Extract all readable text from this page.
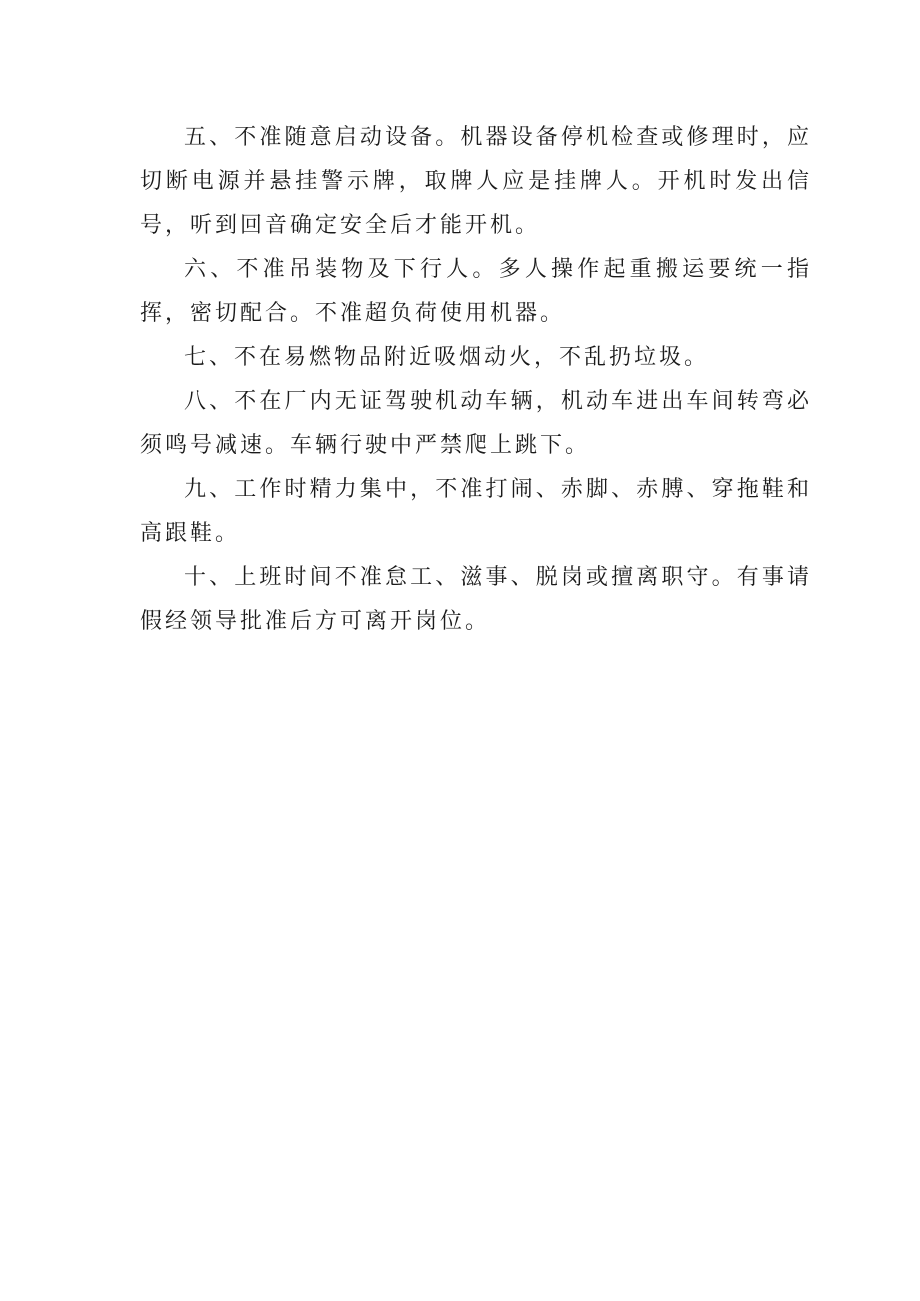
五、不准随意启动设备。机器设备停机检查或修理时，应切断电源并悬挂警示牌，取牌人应是挂牌人。开机时发出信号，听到回音确定安全后才能开机。

六、不准吊装物及下行人。多人操作起重搬运要统一指挥，密切配合。不准超负荷使用机器。

七、不在易燃物品附近吸烟动火，不乱扔垃圾。

八、不在厂内无证驾驶机动车辆，机动车进出车间转弯必须鸣号减速。车辆行驶中严禁爬上跳下。

九、工作时精力集中，不准打闹、赤脚、赤膊、穿拖鞋和高跟鞋。

十、上班时间不准怠工、滋事、脱岗或擅离职守。有事请假经领导批准后方可离开岗位。
